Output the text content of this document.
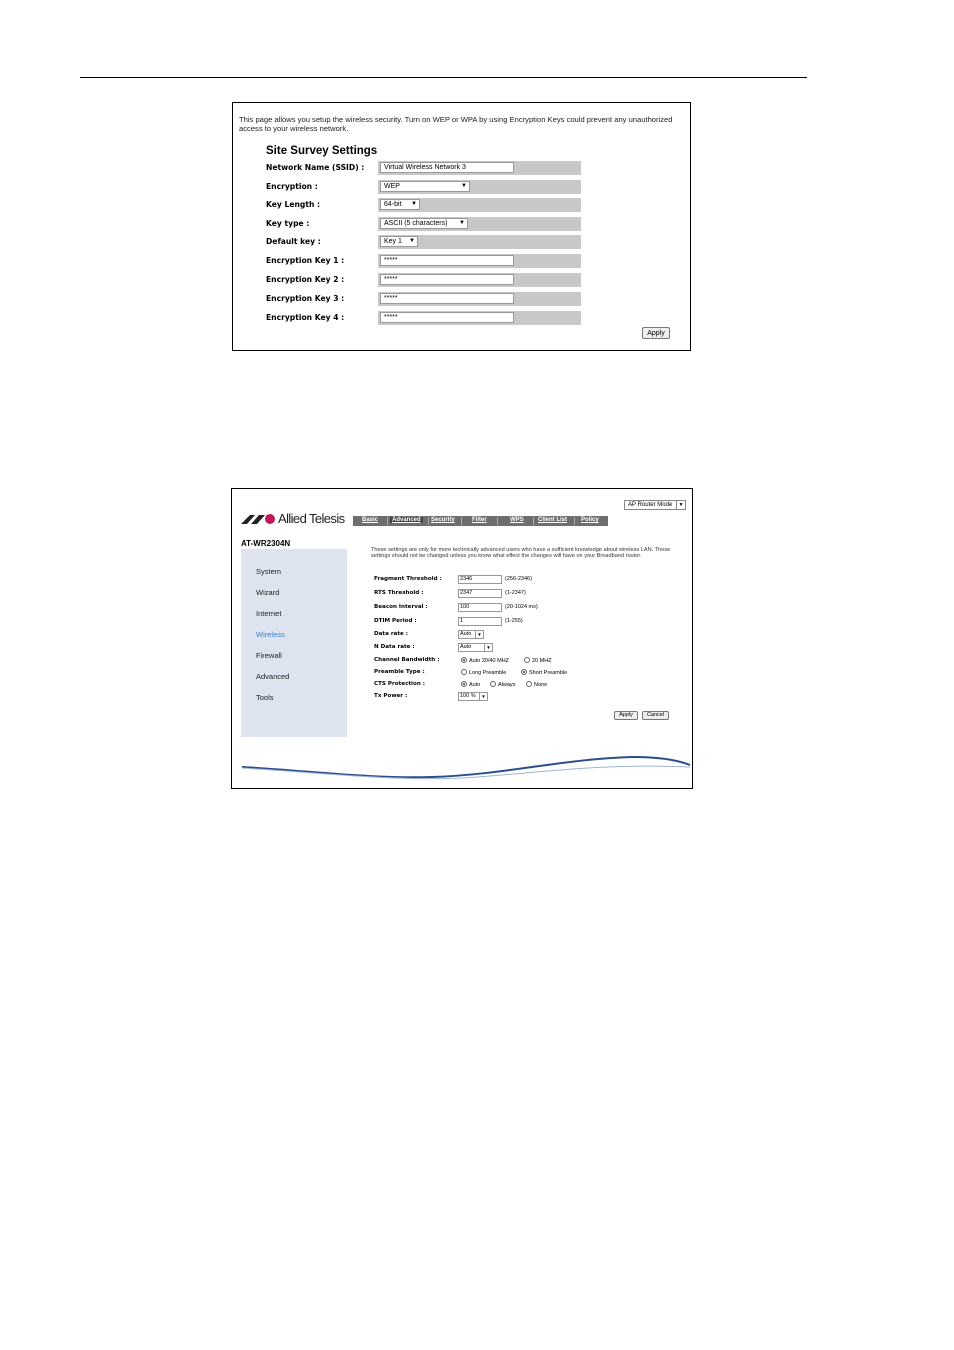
This page allows you setup the wireless security. Turn on WEP or WPA by using Encryption Keys could prevent any unauthorized access to your wireless network.
Site Survey Settings
Network Name (SSID) :	Virtual Wireless Network 3
Encryption :	WEP	▼
Key Length :	64-bit ▼
Key type :	ASCII (5 characters) ▼
Default key :	Key 1 ▼
Encryption Key 1 :	*****
Encryption Key 2 :	*****
Encryption Key 3 :	*****
Encryption Key 4 :	*****
Apply
AP Router Mode	▼
Allied Telesis	Basic	Advanced	Security	Filter	WPS Client List Policy
AT-WR2304N
System
Wizard
Internet
Wireless
Firewall
Advanced
Tools
These settings are only for more technically advanced users who have a sufficient knowledge about wireless LAN. These settings should not be changed unless you know what effect the changes will have on your Broadband router.
Fragment Threshold :	2346	(256-2346)
RTS Threshold :	2347	(1-2347)
Beacon Interval :	100	(20-1024 ms)
DTIM Period :	1	(1-255)
Data rate :	Auto	▼
N Data rate :	Auto	▼
Channel Bandwidth :	Auto 20/40 MHZ	20 MHZ
Preamble Type :	Long Preamble	Short Preamble
CTS Protection :	Auto	Always	None
Tx Power :	100 %	▼
Apply	Cancel
